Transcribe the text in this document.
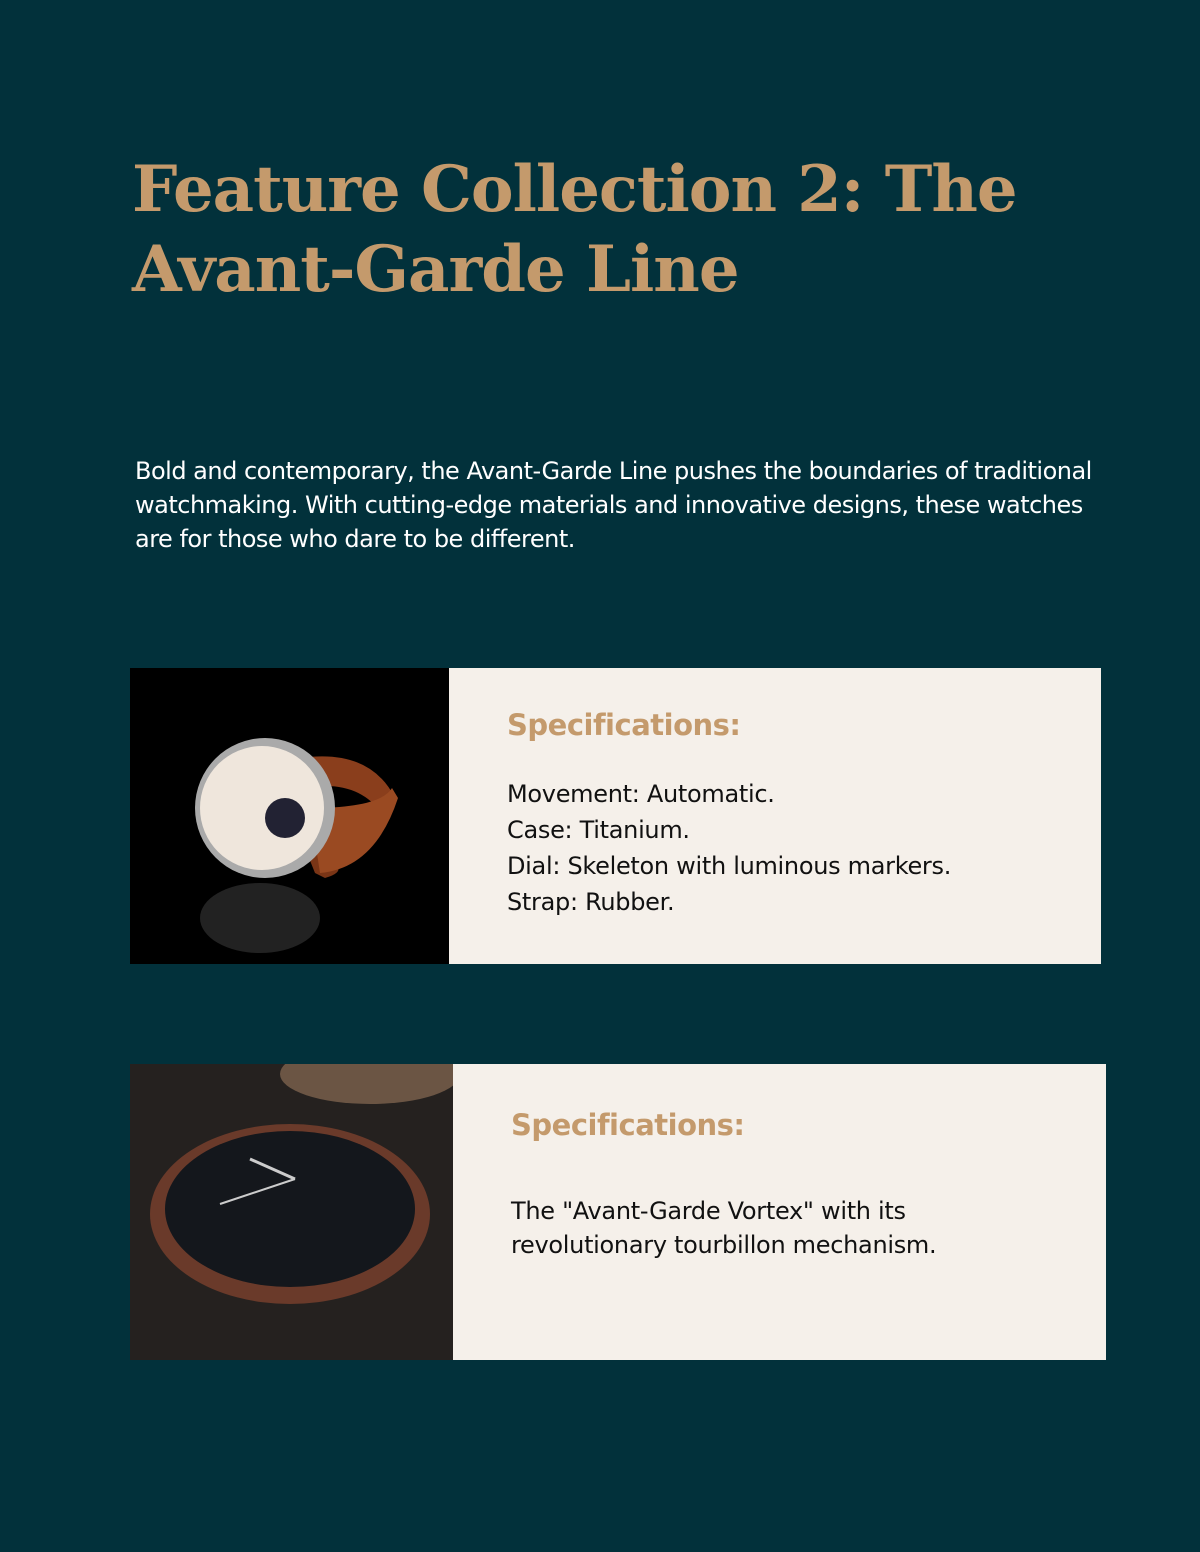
Feature Collection 2: The Avant-Garde Line

Bold and contemporary, the Avant-Garde Line pushes the boundaries of traditional watchmaking. With cutting-edge materials and innovative designs, these watches are for those who dare to be different.

Specifications:

Movement: Automatic.

Case: Titanium.

Dial: Skeleton with luminous markers.

Strap: Rubber.

Specifications:

The "Avant-Garde Vortex" with its revolutionary tourbillon mechanism.
